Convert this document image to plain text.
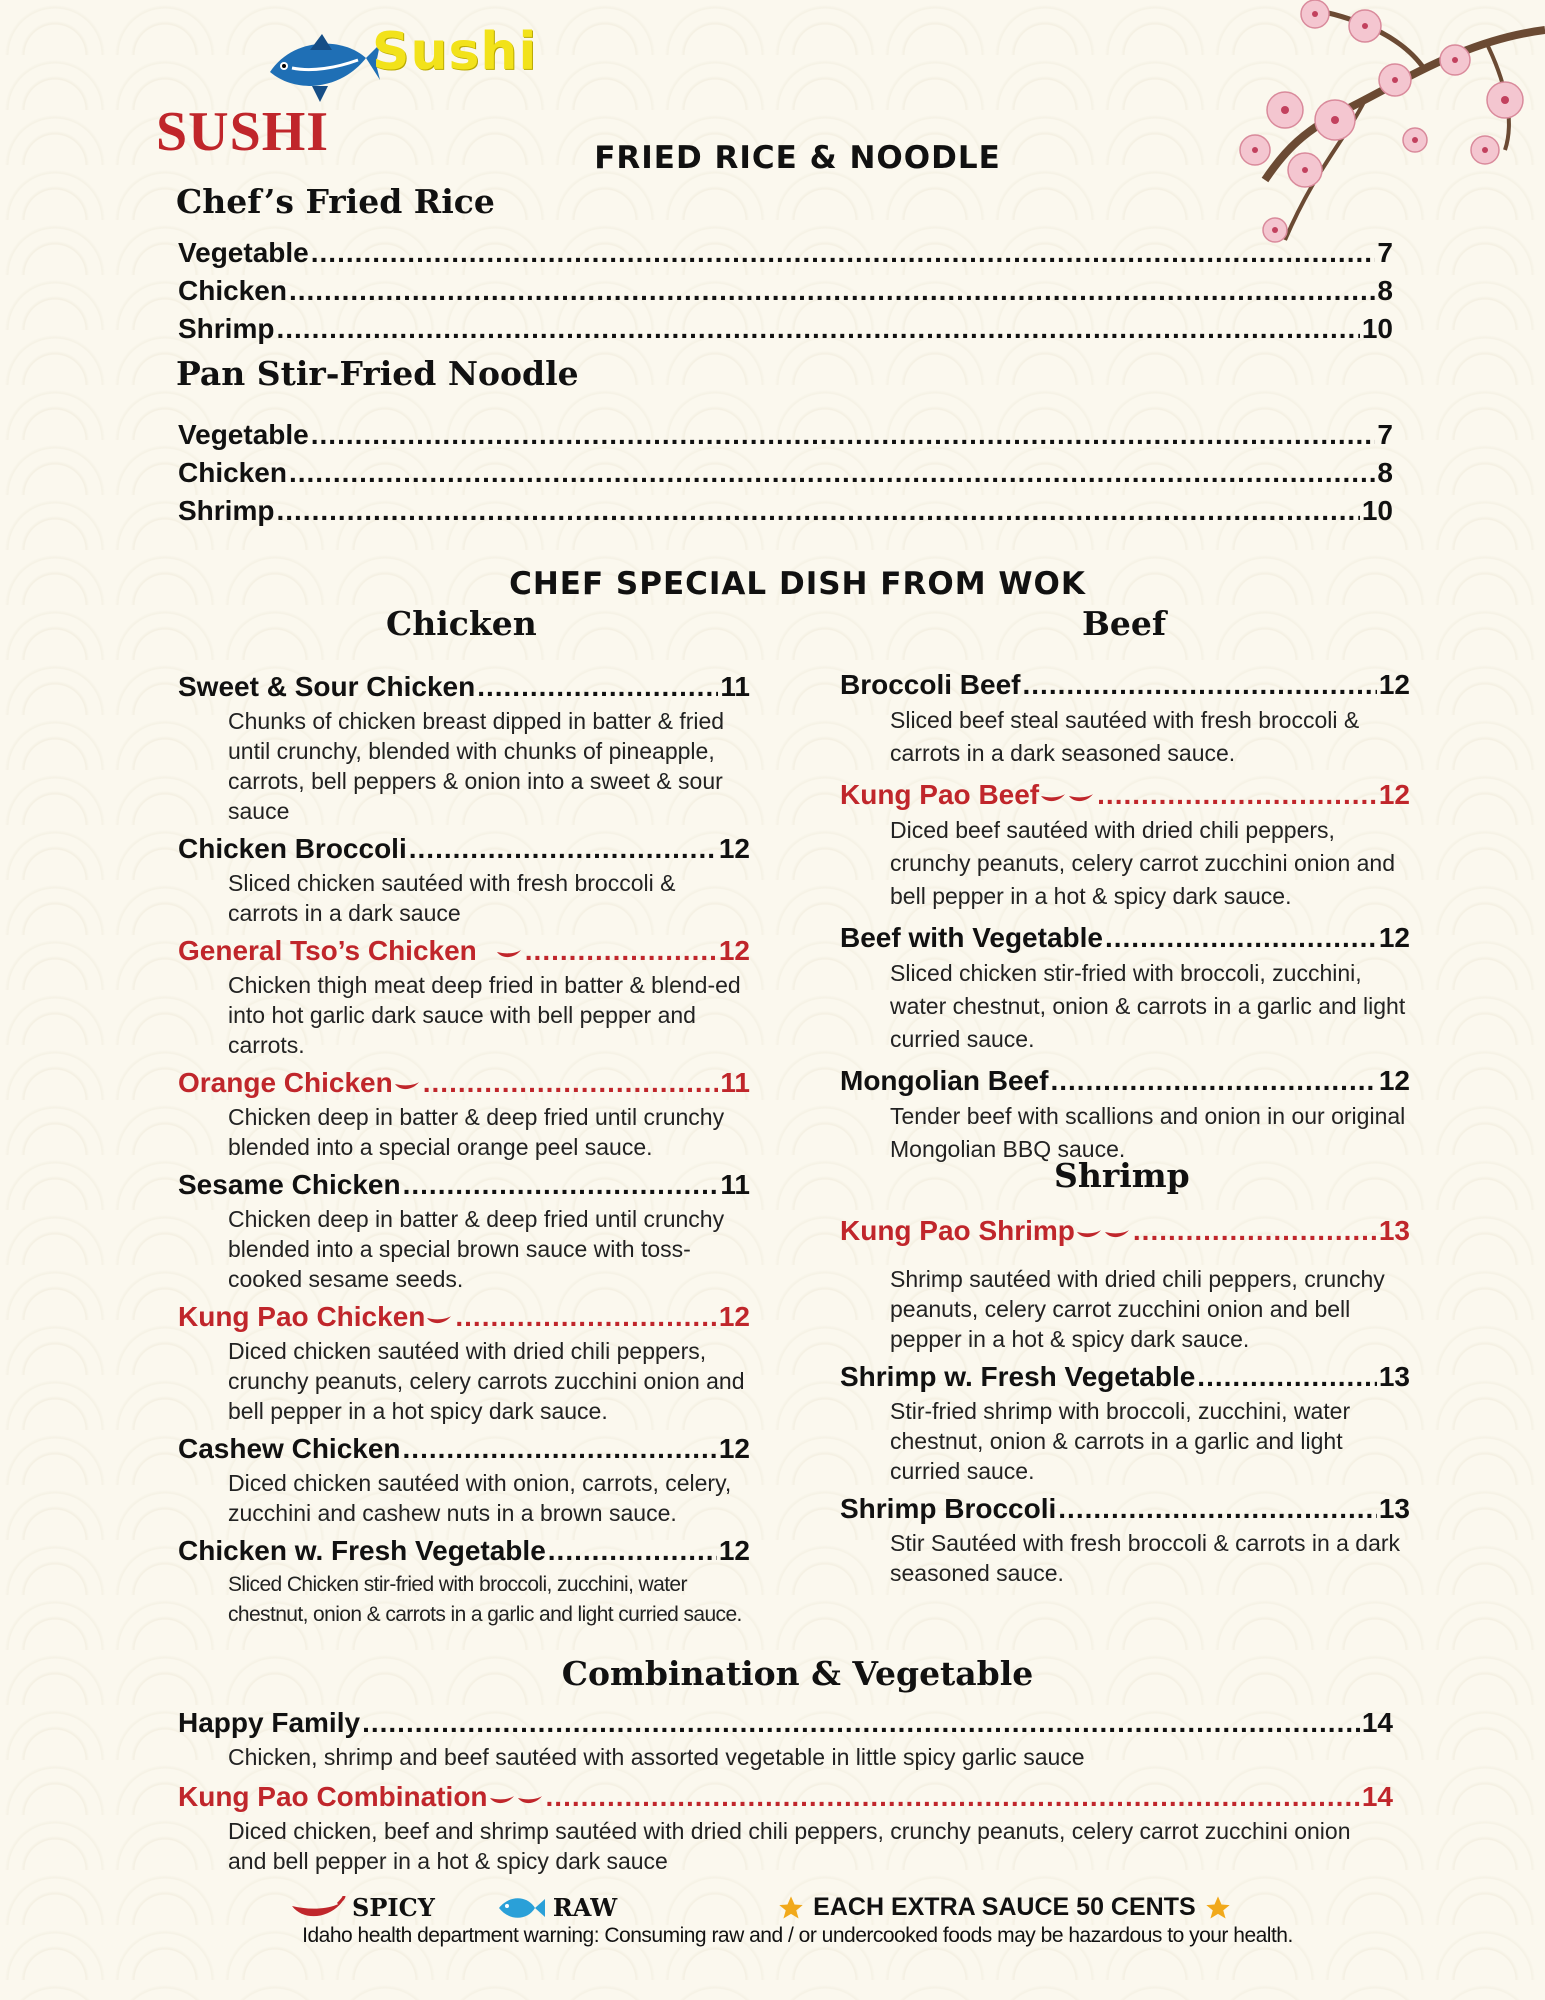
Sushi
SUSHI	FRIED RICE & NOODLE
Chef’s Fried Rice
Vegetable .....	7
Chicken .....	8
Shrimp .....	10
Pan Stir-Fried Noodle
Vegetable .....	7
Chicken .....	8
Shrimp .....	10
CHEF SPECIAL DISH FROM WOK
Chicken	Beef
Sweet & Sour Chicken .....	11
Chunks of chicken breast dipped in batter & fried until crunchy, blended with chunks of pineapple, carrots, bell peppers & onion into a sweet & sour sauce
Chicken Broccoli .....	12
Sliced chicken sautéed with fresh broccoli & carrots in a dark sauce
General Tso’s Chicken .....	12
Chicken thigh meat deep fried in batter & blend-ed into hot garlic dark sauce with bell pepper and carrots.
Orange Chicken .....	11
Chicken deep in batter & deep fried until crunchy blended into a special orange peel sauce.
Sesame Chicken .....	11
Chicken deep in batter & deep fried until crunchy blended into a special brown sauce with toss-cooked sesame seeds.
Kung Pao Chicken .....	12
Diced chicken sautéed with dried chili peppers, crunchy peanuts, celery carrots zucchini onion and bell pepper in a hot spicy dark sauce.
Cashew Chicken .....	12
Diced chicken sautéed with onion, carrots, celery, zucchini and cashew nuts in a brown sauce.
Chicken w. Fresh Vegetable .....	12
Sliced Chicken stir-fried with broccoli, zucchini, water chestnut, onion & carrots in a garlic and light curried sauce.
Broccoli Beef .....	12
Sliced beef steal sautéed with fresh broccoli & carrots in a dark seasoned sauce.
Kung Pao Beef .....	12
Diced beef sautéed with dried chili peppers, crunchy peanuts, celery carrot zucchini onion and bell pepper in a hot & spicy dark sauce.
Beef with Vegetable .....	12
Sliced chicken stir-fried with broccoli, zucchini, water chestnut, onion & carrots in a garlic and light curried sauce.
Mongolian Beef .....	12
Tender beef with scallions and onion in our original Mongolian BBQ sauce.
Shrimp
Kung Pao Shrimp .....	13
Shrimp sautéed with dried chili peppers, crunchy peanuts, celery carrot zucchini onion and bell pepper in a hot & spicy dark sauce.
Shrimp w. Fresh Vegetable .....	13
Stir-fried shrimp with broccoli, zucchini, water chestnut, onion & carrots in a garlic and light curried sauce.
Shrimp Broccoli .....	13
Stir Sautéed with fresh broccoli & carrots in a dark seasoned sauce.
Combination & Vegetable
Happy Family .....	14
Chicken, shrimp and beef sautéed with assorted vegetable in little spicy garlic sauce
Kung Pao Combination .....	14
Diced chicken, beef and shrimp sautéed with dried chili peppers, crunchy peanuts, celery carrot zucchini onion and bell pepper in a hot & spicy dark sauce
SPICY	RAW	EACH EXTRA SAUCE 50 CENTS
Idaho health department warning: Consuming raw and / or undercooked foods may be hazardous to your health.
